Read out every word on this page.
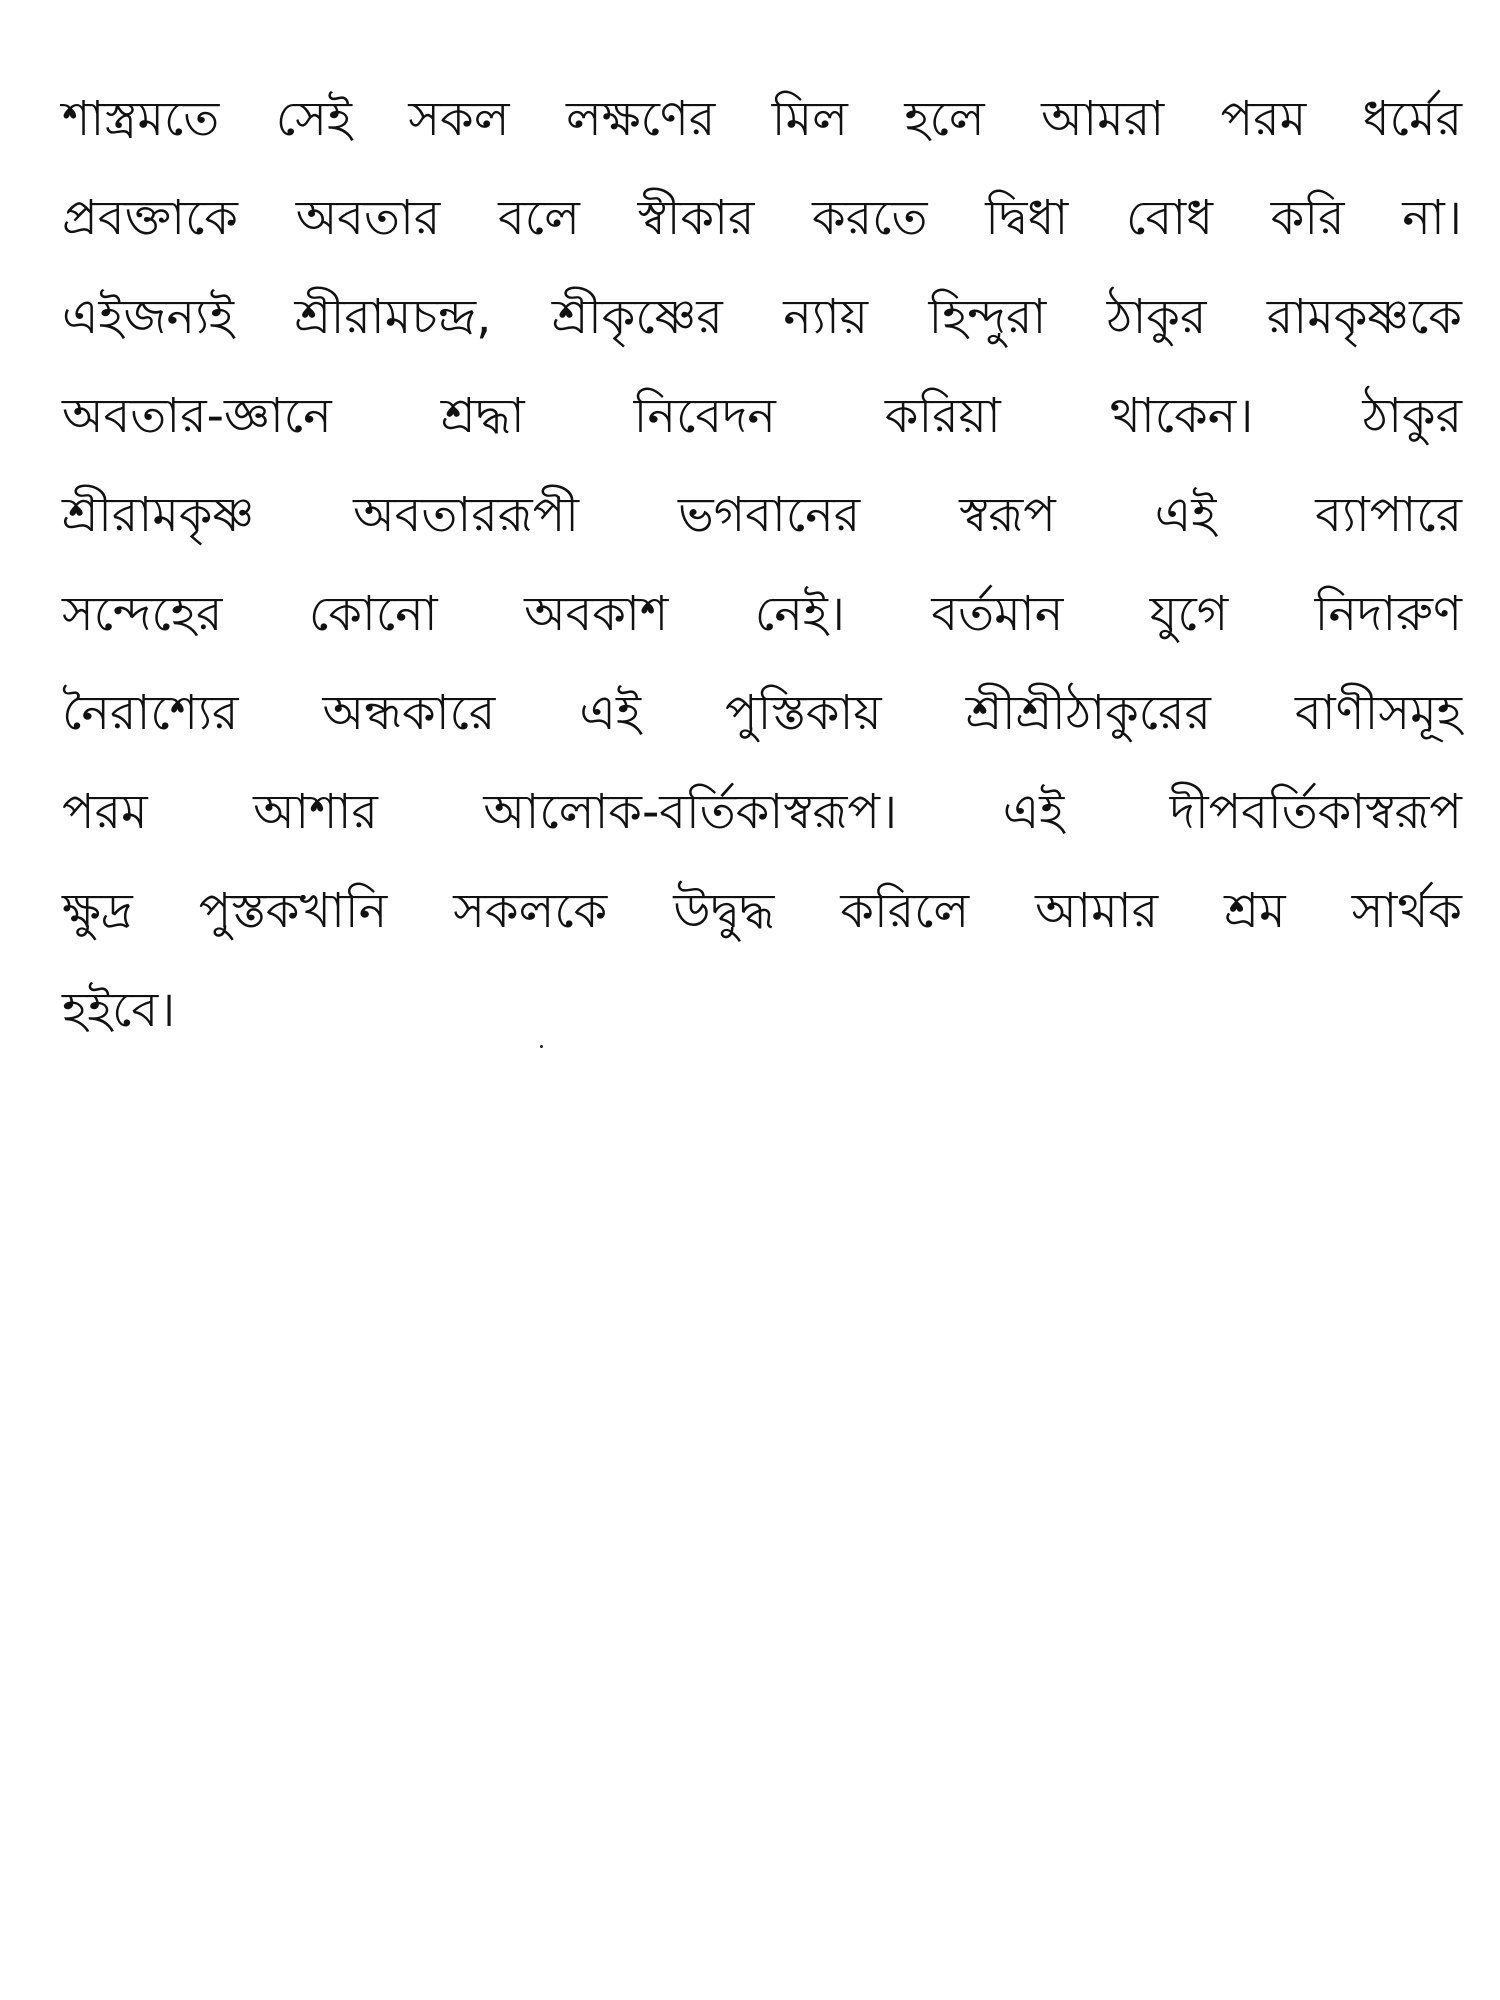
শাস্ত্রমতে সেই সকল লক্ষণের মিল হলে আমরা পরম ধর্মের
প্রবক্তাকে অবতার বলে স্বীকার করতে দ্বিধা বোধ করি না।
এইজন্যই শ্রীরামচন্দ্র, শ্রীকৃষ্ণের ন্যায় হিন্দুরা ঠাকুর রামকৃষ্ণকে
অবতার-জ্ঞানে শ্রদ্ধা নিবেদন করিয়া থাকেন। ঠাকুর
শ্রীরামকৃষ্ণ অবতাররূপী ভগবানের স্বরূপ এই ব্যাপারে
সন্দেহের কোনো অবকাশ নেই। বর্তমান যুগে নিদারুণ
নৈরাশ্যের অন্ধকারে এই পুস্তিকায় শ্রীশ্রীঠাকুরের বাণীসমূহ
পরম আশার আলোক-বর্তিকাস্বরূপ। এই দীপবর্তিকাস্বরূপ
ক্ষুদ্র পুস্তকখানি সকলকে উদ্বুদ্ধ করিলে আমার শ্রম সার্থক
হইবে।
